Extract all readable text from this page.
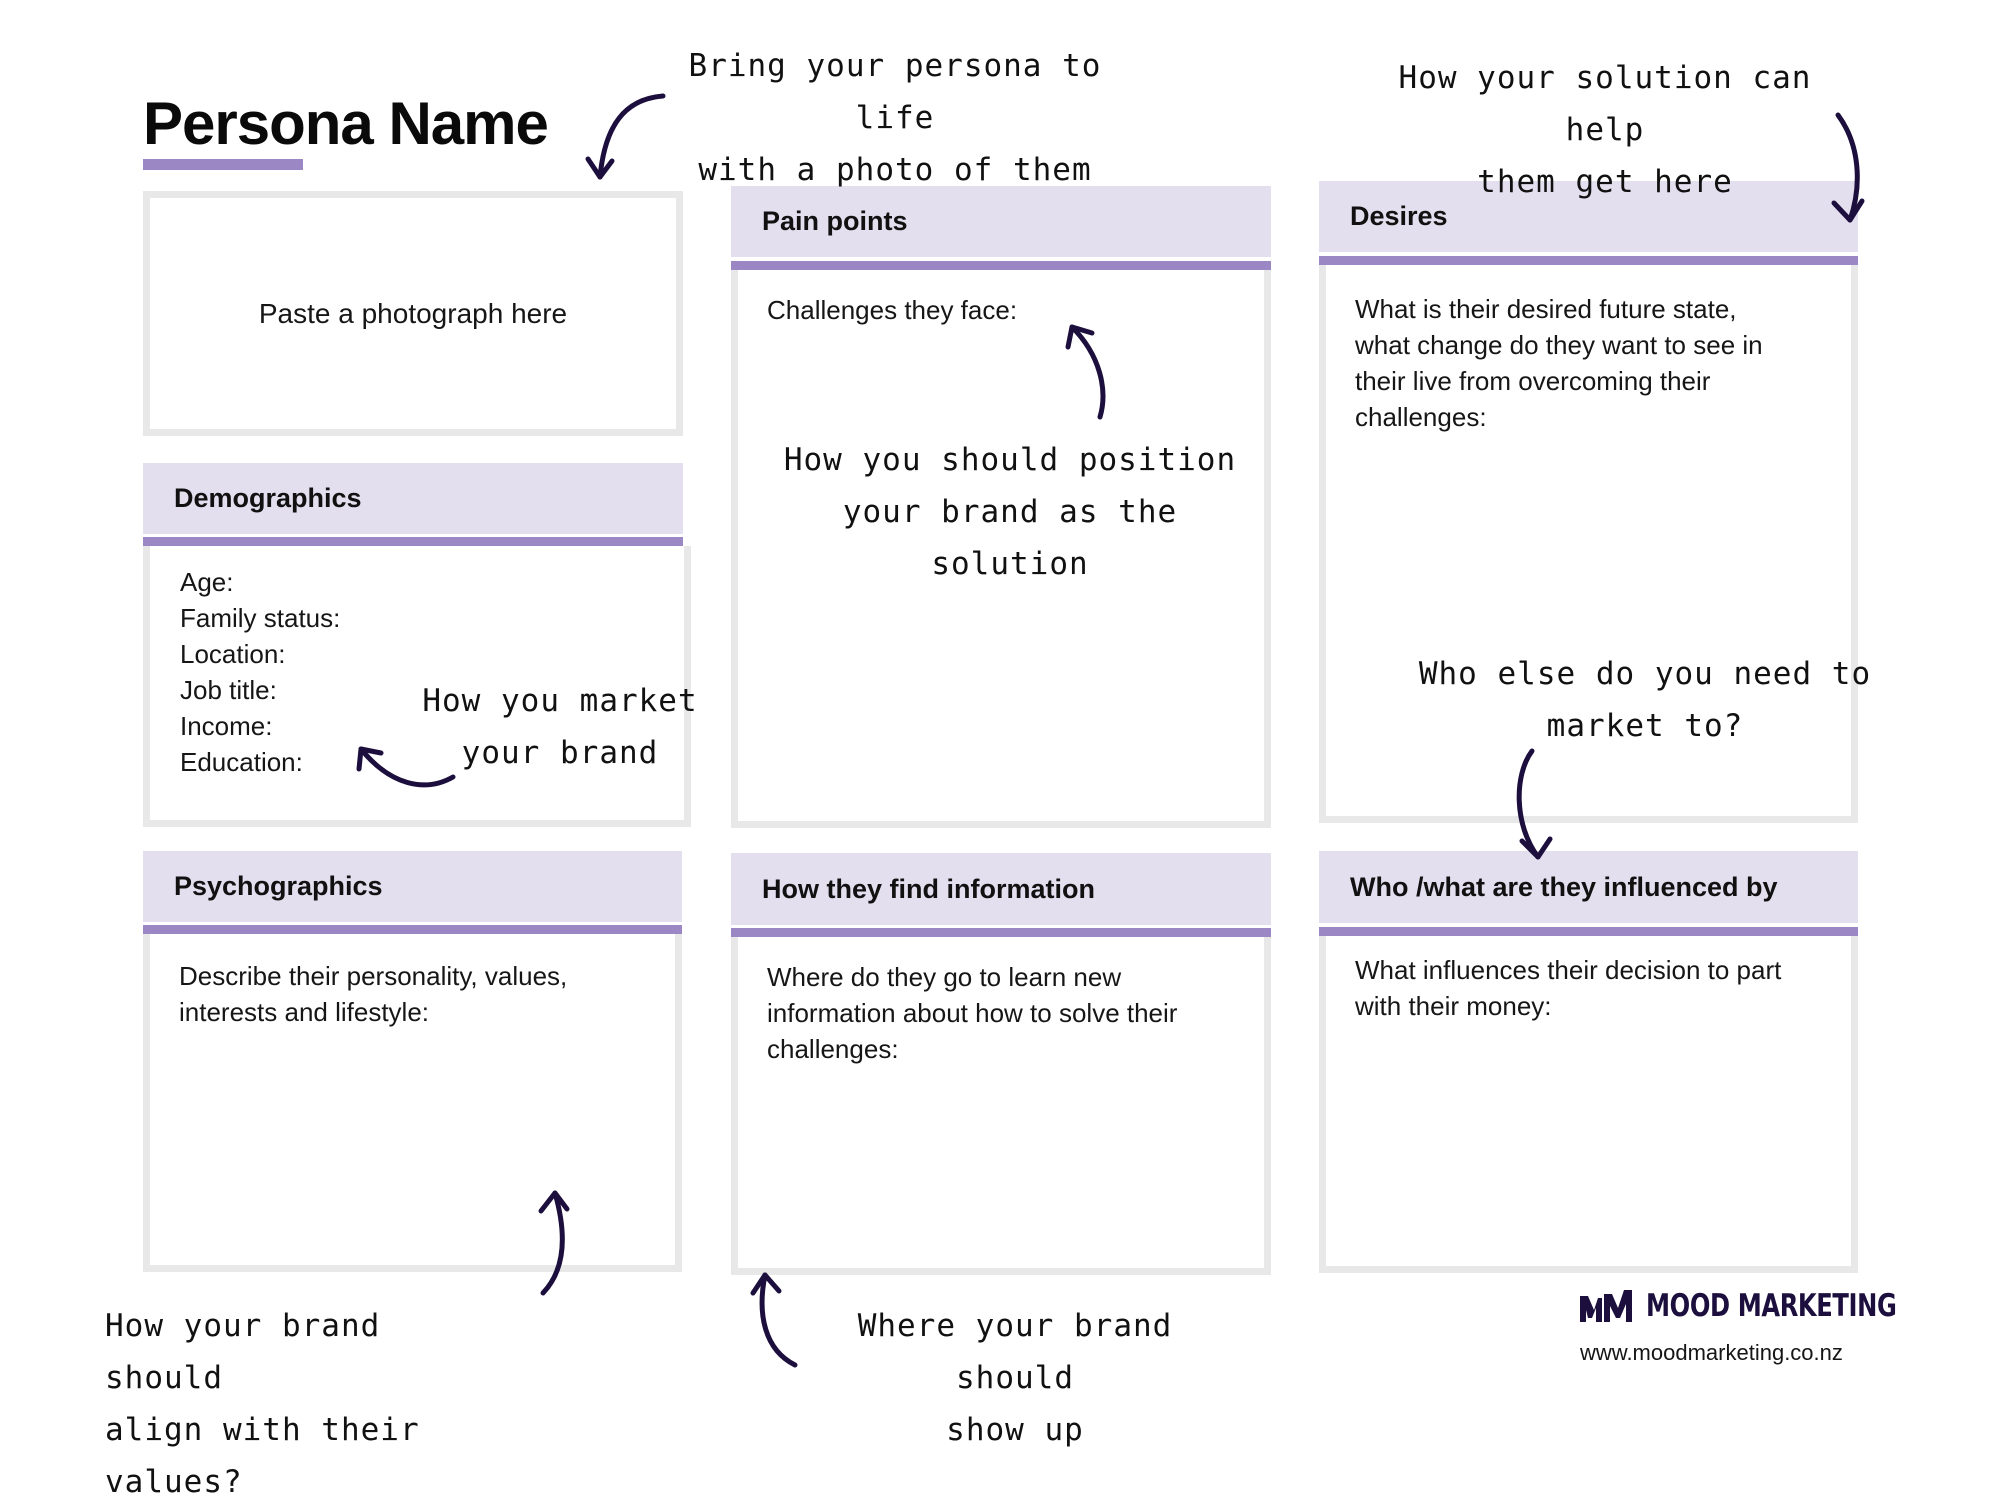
Persona Name
Paste a photograph here
Demographics
Age:
Family status:
Location:
Job title:
Income:
Education:
Pain points
Challenges they face:
Desires
What is their desired future state,
what change do they want to see in
their live from overcoming their
challenges:
Psychographics
Describe their personality, values,
interests and lifestyle:
How they find information
Where do they go to learn new
information about how to solve their
challenges:
Who /what are they influenced by
What influences their decision to part
with their money:
Bring your persona to life
with a photo of them
How your solution can help
them get here
How you should position
your brand as the solution
How you market
your brand
Who else do you need to
market to?
How your brand should
align with their values?
Where your brand should
show up
MOOD MARKETING
www.moodmarketing.co.nz
